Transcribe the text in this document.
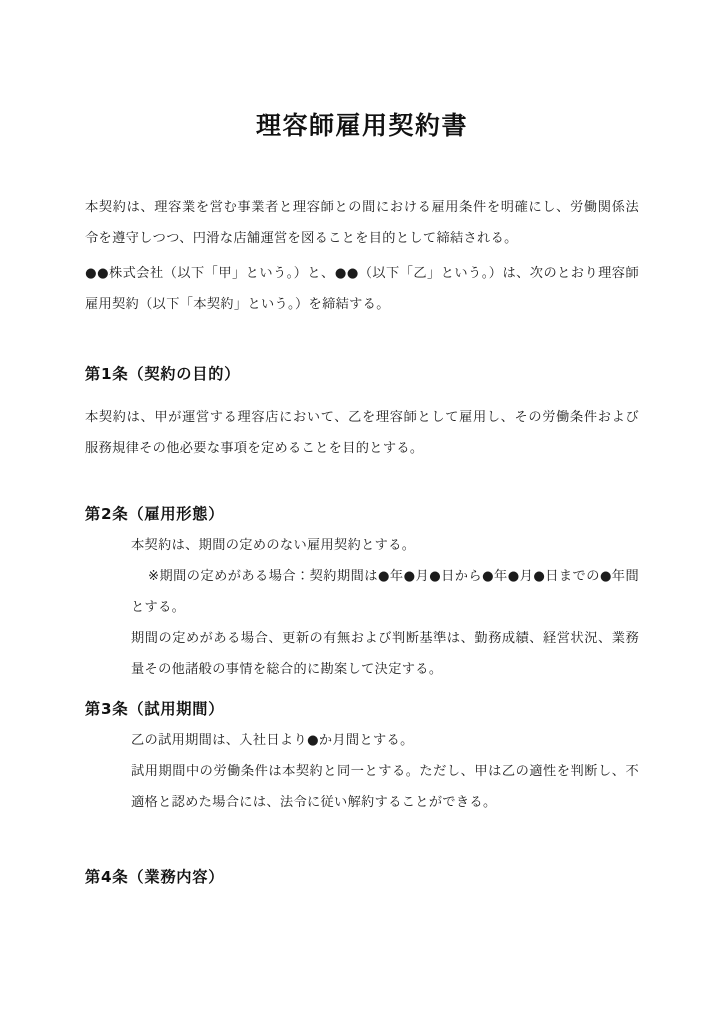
理容師雇用契約書

本契約は、理容業を営む事業者と理容師との間における雇用条件を明確にし、労働関係法令を遵守しつつ、円滑な店舗運営を図ることを目的として締結される。

●●株式会社（以下「甲」という。）と、●●（以下「乙」という。）は、次のとおり理容師雇用契約（以下「本契約」という。）を締結する。

第1条（契約の目的）

本契約は、甲が運営する理容店において、乙を理容師として雇用し、その労働条件および服務規律その他必要な事項を定めることを目的とする。

第2条（雇用形態）
本契約は、期間の定めのない雇用契約とする。
※期間の定めがある場合：契約期間は●年●月●日から●年●月●日までの●年間とする。
期間の定めがある場合、更新の有無および判断基準は、勤務成績、経営状況、業務量その他諸般の事情を総合的に勘案して決定する。
第3条（試用期間）
乙の試用期間は、入社日より●か月間とする。
試用期間中の労働条件は本契約と同一とする。ただし、甲は乙の適性を判断し、不適格と認めた場合には、法令に従い解約することができる。
第4条（業務内容）
